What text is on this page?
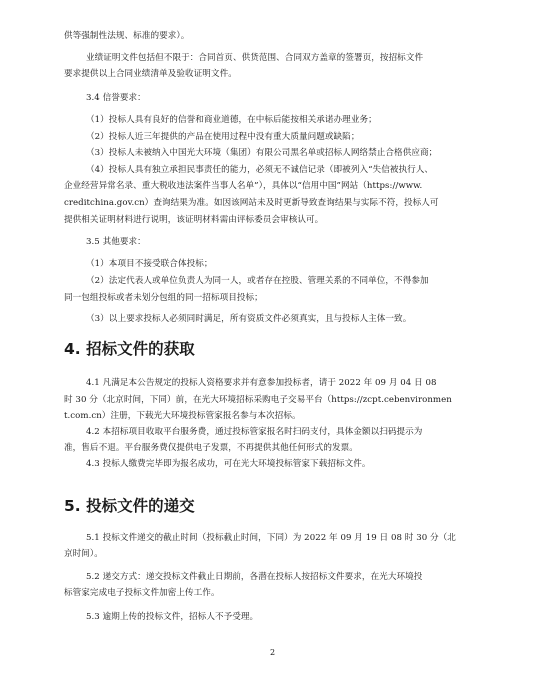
供等强制性法规、标准的要求）。
业绩证明文件包括但不限于：合同首页、供货范围、合同双方盖章的签署页，按招标文件
要求提供以上合同业绩清单及验收证明文件。
3.4 信誉要求：
（1）投标人具有良好的信誉和商业道德，在中标后能按相关承诺办理业务；
（2）投标人近三年提供的产品在使用过程中没有重大质量问题或缺陷；
（3）投标人未被纳入中国光大环境（集团）有限公司黑名单或招标人网络禁止合格供应商；
（4）投标人具有独立承担民事责任的能力，必须无不诚信记录（即被列入“失信被执行人、
企业经营异常名录、重大税收违法案件当事人名单”），具体以“信用中国”网站（https://www.
creditchina.gov.cn）查询结果为准。如因该网站未及时更新导致查询结果与实际不符，投标人可
提供相关证明材料进行说明，该证明材料需由评标委员会审核认可。
3.5 其他要求：
（1）本项目不接受联合体投标；
（2）法定代表人或单位负责人为同一人，或者存在控股、管理关系的不同单位，不得参加
同一包组投标或者未划分包组的同一招标项目投标；
（3）以上要求投标人必须同时满足，所有资质文件必须真实，且与投标人主体一致。
4. 招标文件的获取
4.1 凡满足本公告规定的投标人资格要求并有意参加投标者，请于 2022 年 09 月 04 日 08
时 30 分（北京时间，下同）前，在光大环境招标采购电子交易平台（https://zcpt.cebenvironmen
t.com.cn）注册，下载光大环境投标管家报名参与本次招标。
4.2 本招标项目收取平台服务费，通过投标管家报名时扫码支付，具体金额以扫码提示为
准，售后不退。平台服务费仅提供电子发票，不再提供其他任何形式的发票。
4.3 投标人缴费完毕即为报名成功，可在光大环境投标管家下载招标文件。
5. 投标文件的递交
5.1 投标文件递交的截止时间（投标截止时间，下同）为 2022 年 09 月 19 日 08 时 30 分（北
2
京时间）。
5.2 递交方式：递交投标文件截止日期前，各潜在投标人按招标文件要求，在光大环境投
标管家完成电子投标文件加密上传工作。
5.3 逾期上传的投标文件，招标人不予受理。
